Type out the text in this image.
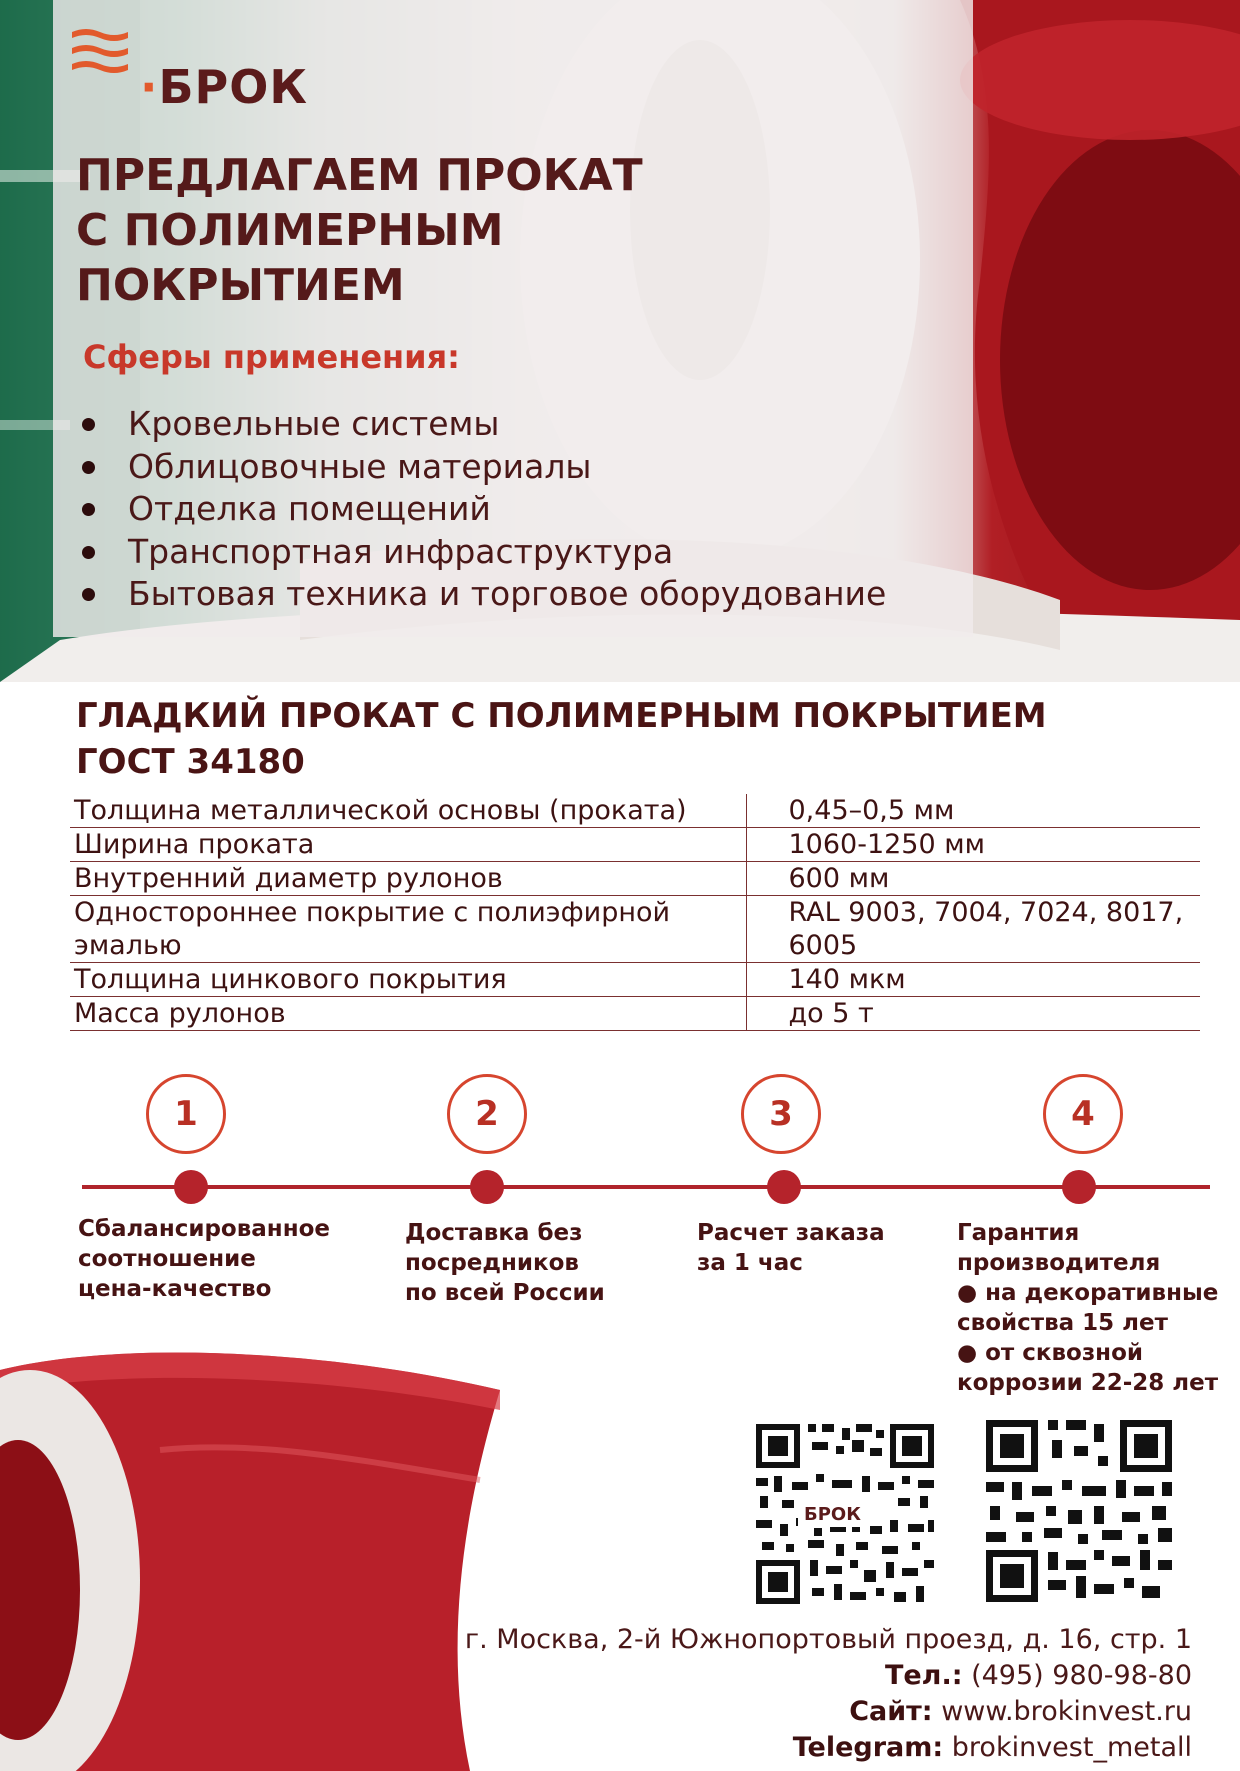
·БРОК
ПРЕДЛАГАЕМ ПРОКАТ
С ПОЛИМЕРНЫМ
ПОКРЫТИЕМ
Сферы применения:
Кровельные системы
Облицовочные материалы
Отделка помещений
Транспортная инфраструктура
Бытовая техника и торговое оборудование
ГЛАДКИЙ ПРОКАТ С ПОЛИМЕРНЫМ ПОКРЫТИЕМ
ГОСТ 34180
Толщина металлической основы (проката)	0,45–0,5 мм
Ширина проката	1060-1250 мм
Внутренний диаметр рулонов	600 мм
Одностороннее покрытие с полиэфирной эмалью	RAL 9003, 7004, 7024, 8017, 6005
Толщина цинкового покрытия	140 мкм
Масса рулонов	до 5 т
1	2	3	4
Сбалансированное
соотношение
цена-качество
Доставка без
посредников
по всей России
Расчет заказа
за 1 час
Гарантия
производителя
● на декоративные
свойства 15 лет
● от сквозной
коррозии 22-28 лет
БРОК
г. Москва, 2-й Южнопортовый проезд, д. 16, стр. 1
Тел.: (495) 980-98-80
Сайт: www.brokinvest.ru
Telegram: brokinvest_metall
